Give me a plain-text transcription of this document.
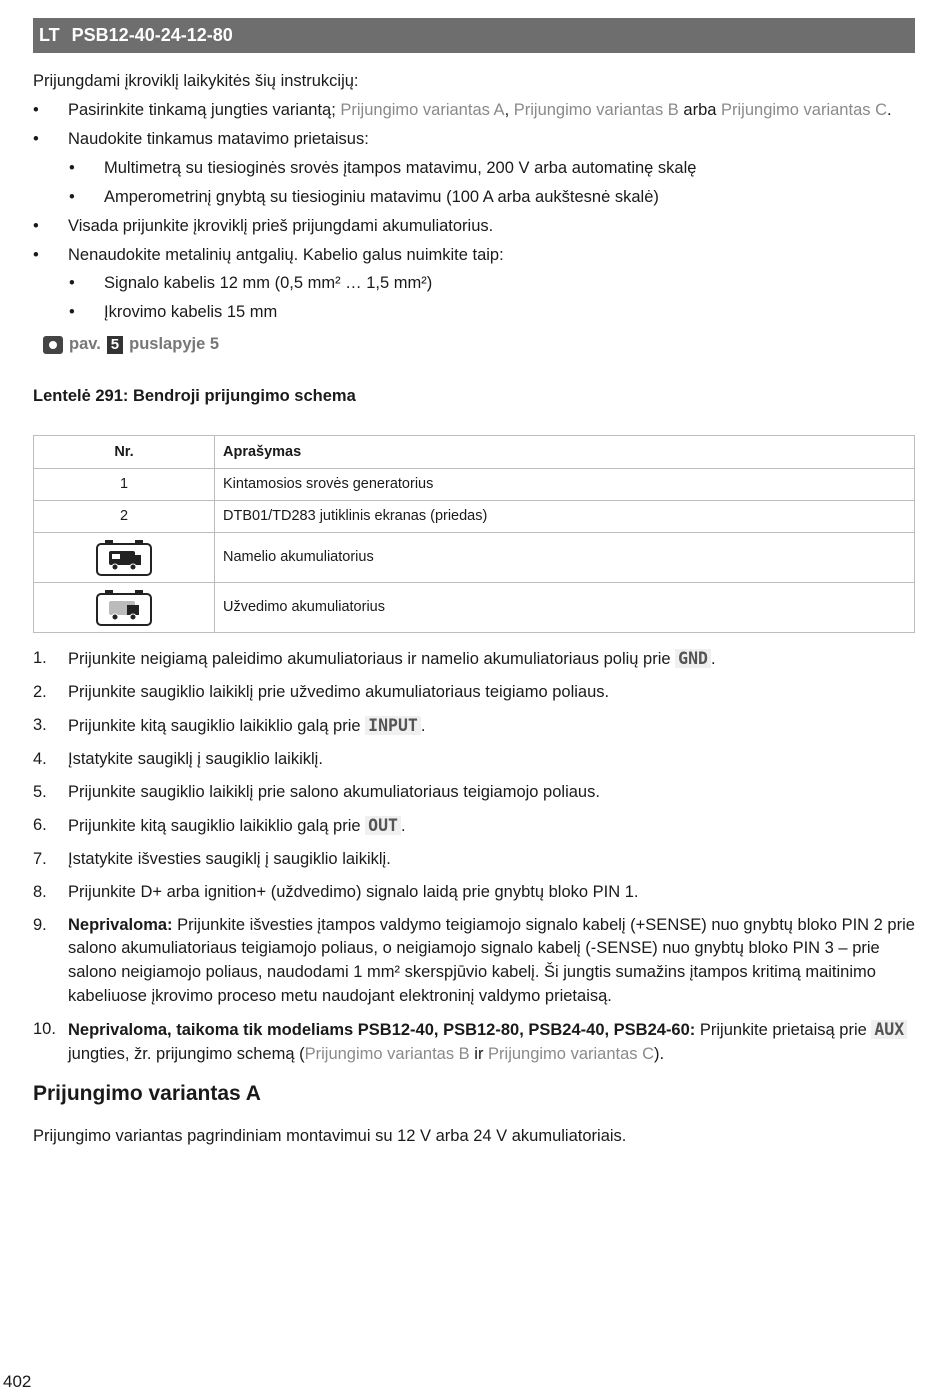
LT PSB12-40-24-12-80

Prijungdami įkroviklį laikykitės šių instrukcijų:

• Pasirinkite tinkamą jungties variantą; Prijungimo variantas A, Prijungimo variantas B arba Prijungimo variantas C.
• Naudokite tinkamus matavimo prietaisus:
• Multimetrą su tiesioginės srovės įtampos matavimu, 200 V arba automatinę skalę
• Amperometrinį gnybtą su tiesioginiu matavimu (100 A arba aukštesnė skalė)
• Visada prijunkite įkroviklį prieš prijungdami akumuliatorius.
• Nenaudokite metalinių antgalių. Kabelio galus nuimkite taip:
• Signalo kabelis 12 mm (0,5 mm² … 1,5 mm²)
• Įkrovimo kabelis 15 mm
pav. 5 puslapyje 5

Lentelė 291: Bendroji prijungimo schema

Nr.	Aprašymas
1	Kintamosios srovės generatorius
2	DTB01/TD283 jutiklinis ekranas (priedas)
	Namelio akumuliatorius
	Užvedimo akumuliatorius
1. Prijunkite neigiamą paleidimo akumuliatoriaus ir namelio akumuliatoriaus polių prie GND .
2. Prijunkite saugiklio laikiklį prie užvedimo akumuliatoriaus teigiamo poliaus.
3. Prijunkite kitą saugiklio laikiklio galą prie INPUT .
4. Įstatykite saugiklį į saugiklio laikiklį.
5. Prijunkite saugiklio laikiklį prie salono akumuliatoriaus teigiamojo poliaus.
6. Prijunkite kitą saugiklio laikiklio galą prie OUT .
7. Įstatykite išvesties saugiklį į saugiklio laikiklį.
8. Prijunkite D+ arba ignition+ (uždvedimo) signalo laidą prie gnybtų bloko PIN 1.
9. Neprivaloma: Prijunkite išvesties įtampos valdymo teigiamojo signalo kabelį (+SENSE) nuo gnybtų bloko PIN 2 prie salono akumuliatoriaus teigiamojo poliaus, o neigiamojo signalo kabelį (-SENSE) nuo gnybtų bloko PIN 3 – prie salono neigiamojo poliaus, naudodami 1 mm² skerspjūvio kabelį. Ši jungtis sumažins įtampos kritimą maitinimo kabeliuose įkrovimo proceso metu naudojant elektroninį valdymo prietaisą.
10. Neprivaloma, taikoma tik modeliams PSB12-40, PSB12-80, PSB24-40, PSB24-60: Prijunkite prietaisą prie AUX jungties, žr. prijungimo schemą (Prijungimo variantas B ir Prijungimo variantas C).
Prijungimo variantas A

Prijungimo variantas pagrindiniam montavimui su 12 V arba 24 V akumuliatoriais.

402
